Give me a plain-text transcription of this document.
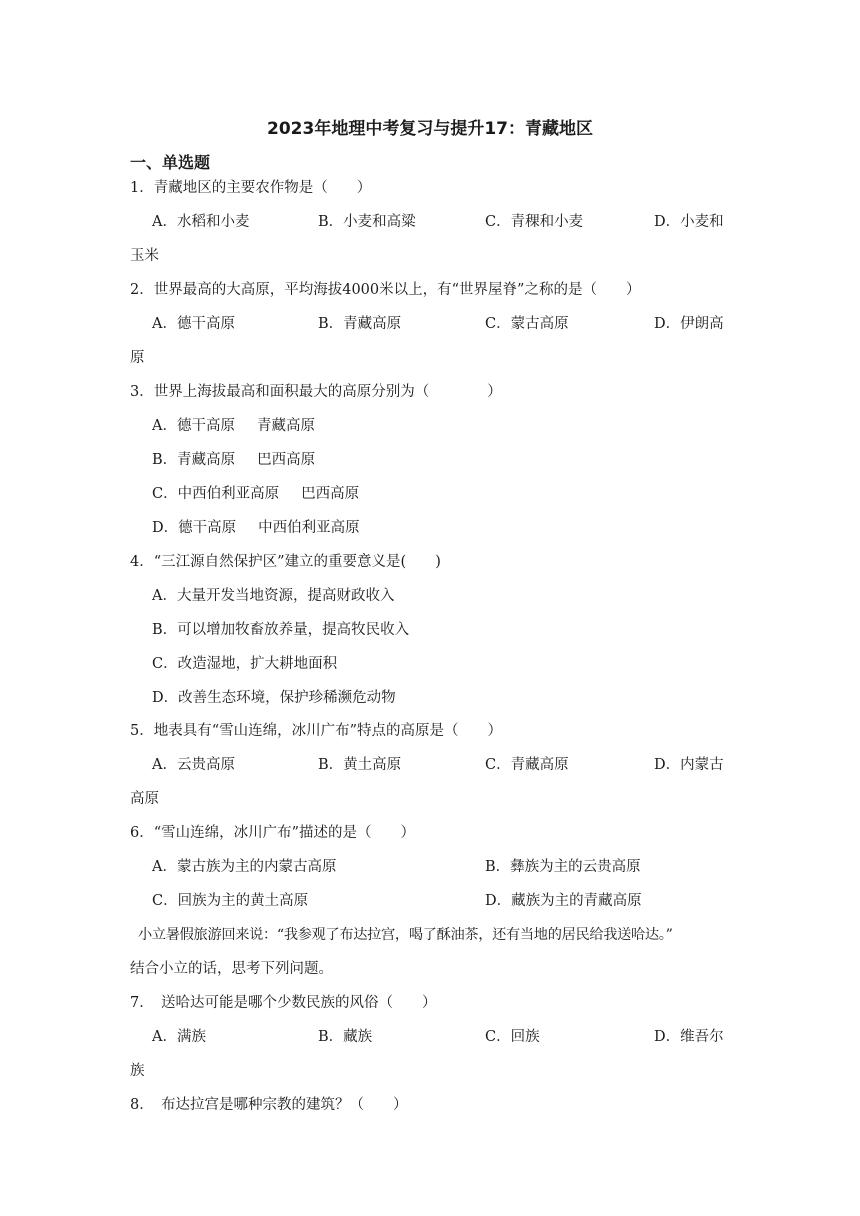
2023年地理中考复习与提升17：青藏地区
一、单选题
1．青藏地区的主要农作物是（　　）
A．水稻和小麦	B．小麦和高粱	C．青稞和小麦	D．小麦和
玉米
2．世界最高的大高原，平均海拔4000米以上，有“世界屋脊”之称的是（　　）
A．德干高原	B．青藏高原	C．蒙古高原	D．伊朗高
原
3．世界上海拔最高和面积最大的高原分别为（　　　　）
A．德干高原 青藏高原
B．青藏高原 巴西高原
C．中西伯利亚高原 巴西高原
D．德干高原 中西伯利亚高原
4．“三江源自然保护区”建立的重要意义是(　　)
A．大量开发当地资源，提高财政收入
B．可以增加牧畜放养量，提高牧民收入
C．改造湿地，扩大耕地面积
D．改善生态环境，保护珍稀濒危动物
5．地表具有“雪山连绵，冰川广布”特点的高原是（　　）
A．云贵高原	B．黄土高原	C．青藏高原	D．内蒙古
高原
6．“雪山连绵，冰川广布”描述的是（　　）
A．蒙古族为主的内蒙古高原	B．彝族为主的云贵高原
C．回族为主的黄土高原	D．藏族为主的青藏高原
小立暑假旅游回来说：“我参观了布达拉宫，喝了酥油茶，还有当地的居民给我送哈达。”
结合小立的话，思考下列问题。
7．　送哈达可能是哪个少数民族的风俗（　　）
A．满族	B．藏族	C．回族	D．维吾尔
族
8．　布达拉宫是哪种宗教的建筑？（　　）
